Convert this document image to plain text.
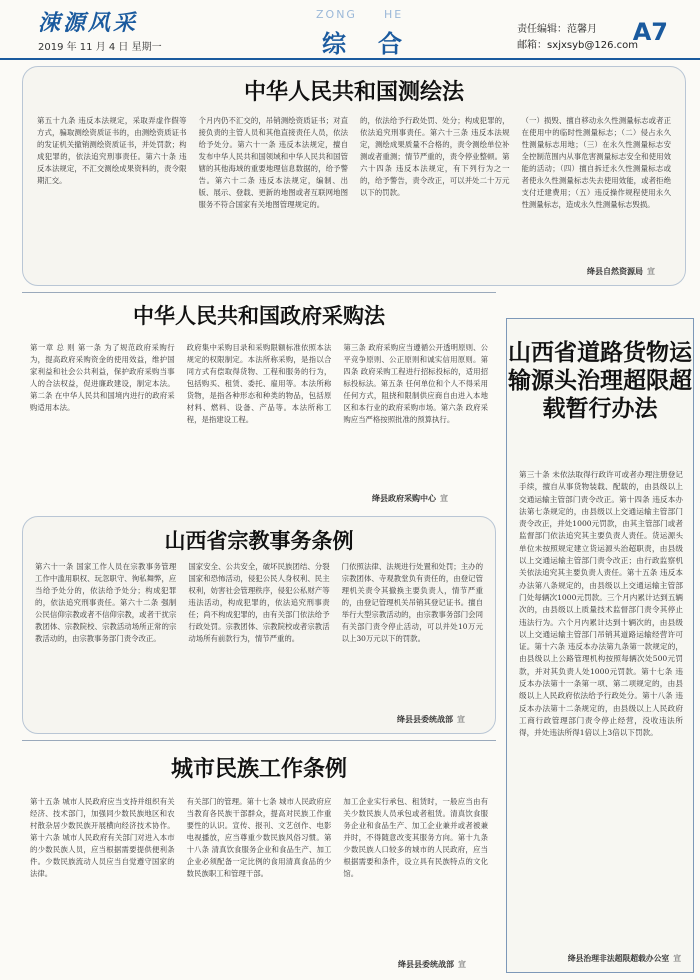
涑源风采
2019 年 11 月 4 日 星期一
ZONG HE
综 合	责任编辑：范馨月
邮箱：sxjxsyb@126.com
A7
中华人民共和国测绘法
第五十九条 违反本法规定，采取弄虚作假等方式，骗取测绘资质证书的，由测绘资质证书的发证机关撤销测绘资质证书，并处罚款；构成犯罪的，依法追究刑事责任。第六十条 违反本法规定，不汇交测绘成果资料的，责令限期汇交。
个月内仍不汇交的，吊销测绘资质证书；对直接负责的主管人员和其他直接责任人员，依法给予处分。第六十一条 违反本法规定，擅自发布中华人民共和国领域和中华人民共和国管辖的其他海域的重要地理信息数据的，给予警告。第六十二条 违反本法规定，编制、出版、展示、登载、更新的地图或者互联网地图服务不符合国家有关地图管理规定的。
的，依法给予行政处罚、处分；构成犯罪的，依法追究刑事责任。第六十三条 违反本法规定，测绘成果质量不合格的，责令测绘单位补测或者重测；情节严重的，责令停业整顿。第六十四条 违反本法规定，有下列行为之一的，给予警告，责令改正，可以并处二十万元以下的罚款。
（一）损毁、擅自移动永久性测量标志或者正在使用中的临时性测量标志；（二）侵占永久性测量标志用地；（三）在永久性测量标志安全控制范围内从事危害测量标志安全和使用效能的活动；（四）擅自拆迁永久性测量标志或者使永久性测量标志失去使用效能，或者拒绝支付迁建费用；（五）违反操作规程使用永久性测量标志，造成永久性测量标志毁损。
绛县自然资源局 宣
中华人民共和国政府采购法
第一章 总 则 第一条 为了规范政府采购行为，提高政府采购资金的使用效益，维护国家利益和社会公共利益，保护政府采购当事人的合法权益，促进廉政建设，制定本法。第二条 在中华人民共和国境内进行的政府采购适用本法。
政府集中采购目录和采购限额标准依照本法规定的权限制定。本法所称采购，是指以合同方式有偿取得货物、工程和服务的行为，包括购买、租赁、委托、雇用等。本法所称货物，是指各种形态和种类的物品，包括原材料、燃料、设备、产品等。本法所称工程，是指建设工程。
第三条 政府采购应当遵循公开透明原则、公平竞争原则、公正原则和诚实信用原则。第四条 政府采购工程进行招标投标的，适用招标投标法。第五条 任何单位和个人不得采用任何方式，阻挠和限制供应商自由进入本地区和本行业的政府采购市场。第六条 政府采购应当严格按照批准的预算执行。
绛县政府采购中心 宣
山西省宗教事务条例
第六十一条 国家工作人员在宗教事务管理工作中滥用职权、玩忽职守、徇私舞弊，应当给予处分的，依法给予处分；构成犯罪的，依法追究刑事责任。第六十二条 强制公民信仰宗教或者不信仰宗教，或者干扰宗教团体、宗教院校、宗教活动场所正常的宗教活动的，由宗教事务部门责令改正。
国家安全、公共安全，破坏民族团结、分裂国家和恐怖活动，侵犯公民人身权利、民主权利，妨害社会管理秩序，侵犯公私财产等违法活动，构成犯罪的，依法追究刑事责任；尚不构成犯罪的，由有关部门依法给予行政处罚。宗教团体、宗教院校或者宗教活动场所有前款行为，情节严重的。
门依照法律、法规进行处置和处罚；主办的宗教团体、寺观教堂负有责任的，由登记管理机关责令其撤换主要负责人，情节严重的，由登记管理机关吊销其登记证书。擅自举行大型宗教活动的，由宗教事务部门会同有关部门责令停止活动，可以并处10万元以上30万元以下的罚款。
绛县县委统战部 宣
城市民族工作条例
第十五条 城市人民政府应当支持并组织有关经济、技术部门，加强同少数民族地区和农村散杂居少数民族开展横向经济技术协作。第十六条 城市人民政府有关部门对进入本市的少数民族人员，应当根据需要提供便利条件。少数民族流动人员应当自觉遵守国家的法律。
有关部门的管理。第十七条 城市人民政府应当教育各民族干部群众，提高对民族工作重要性的认识。宣传、报刊、文艺创作、电影电视播放，应当尊重少数民族风俗习惯。第十八条 清真饮食服务企业和食品生产、加工企业必须配备一定比例的食用清真食品的少数民族职工和管理干部。
加工企业实行承包、租赁时，一般应当由有关少数民族人员承包或者租赁。清真饮食服务企业和食品生产、加工企业兼并或者被兼并时，不得随意改变其服务方向。第十九条 少数民族人口较多的城市的人民政府，应当根据需要和条件，设立具有民族特点的文化馆。
绛县县委统战部 宣
山西省道路货物运输源头治理超限超载暂行办法
第三十条 未依法取得行政许可或者办理注册登记手续，擅自从事货物装载、配载的，由县级以上交通运输主管部门责令改正。第十四条 违反本办法第七条规定的，由县级以上交通运输主管部门责令改正，并处1000元罚款，由其主管部门或者监督部门依法追究其主要负责人责任。货运源头单位未按照规定建立货运源头治超职责，由县级以上交通运输主管部门责令改正；由行政监察机关依法追究其主要负责人责任。第十五条 违反本办法第八条规定的，由县级以上交通运输主管部门处每辆次1000元罚款。三个月内累计达到五辆次的，由县级以上质量技术监督部门责令其停止违法行为。六个月内累计达到十辆次的，由县级以上交通运输主管部门吊销其道路运输经营许可证。第十六条 违反本办法第九条第一款规定的，由县级以上公路管理机构按照每辆次处500元罚款，并对其负责人处1000元罚款。第十七条 违反本办法第十一条第一项、第二项规定的，由县级以上人民政府依法给予行政处分。第十八条 违反本办法第十二条规定的，由县级以上人民政府工商行政管理部门责令停止经营，没收违法所得，并处违法所得1倍以上3倍以下罚款。
绛县治理非法超限超载办公室 宣
